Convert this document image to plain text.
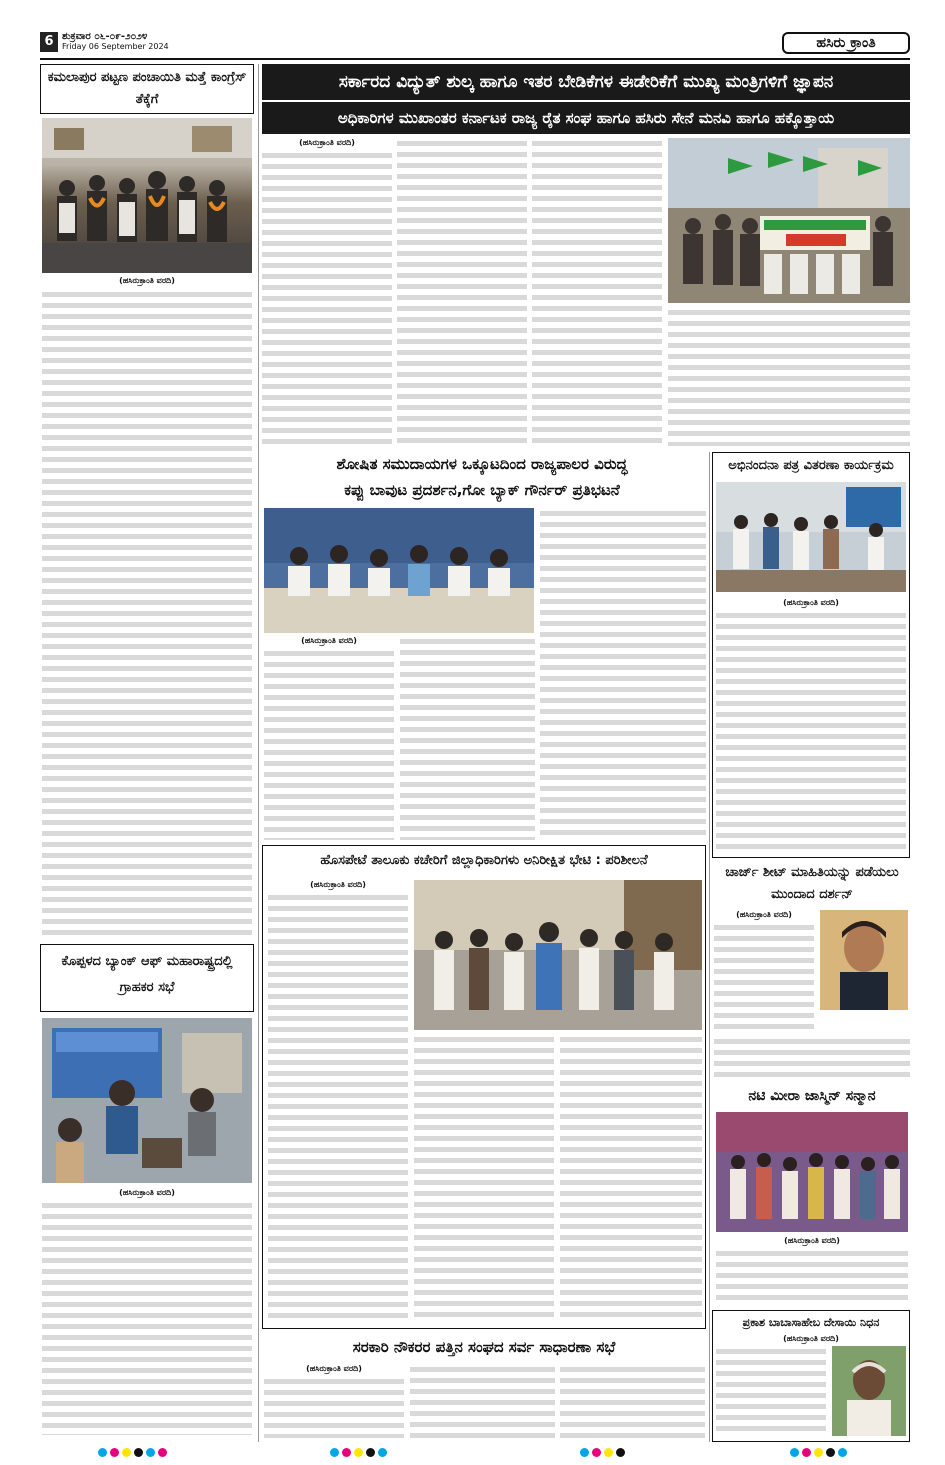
6 ಶುಕ್ರವಾರ ೦೬-೦೯-೨೦೨೪
Friday 06 September 2024	ಹಸಿರು ಕ್ರಾಂತಿ
ಕಮಲಾಪುರ ಪಟ್ಟಣ ಪಂಚಾಯಿತಿ ಮತ್ತೆ ಕಾಂಗ್ರೆಸ್ ತೆಕ್ಕೆಗೆ
(ಹಸಿರುಕ್ರಾಂತಿ ವರದಿ)
ಕೊಪ್ಪಳದ ಬ್ಯಾಂಕ್ ಆಫ್ ಮಹಾರಾಷ್ಟ್ರದಲ್ಲಿ ಗ್ರಾಹಕರ ಸಭೆ
(ಹಸಿರುಕ್ರಾಂತಿ ವರದಿ)
ಸರ್ಕಾರದ ವಿದ್ಯುತ್ ಶುಲ್ಕ ಹಾಗೂ ಇತರ ಬೇಡಿಕೆಗಳ ಈಡೇರಿಕೆಗೆ ಮುಖ್ಯ ಮಂತ್ರಿಗಳಿಗೆ ಜ್ಞಾಪನ
ಅಧಿಕಾರಿಗಳ ಮುಖಾಂತರ ಕರ್ನಾಟಕ ರಾಜ್ಯ ರೈತ ಸಂಘ ಹಾಗೂ ಹಸಿರು ಸೇನೆ ಮನವಿ ಹಾಗೂ ಹಕ್ಕೊತ್ತಾಯ
(ಹಸಿರುಕ್ರಾಂತಿ ವರದಿ)
ಶೋಷಿತ ಸಮುದಾಯಗಳ ಒಕ್ಕೂಟದಿಂದ ರಾಜ್ಯಪಾಲರ ವಿರುದ್ಧ
ಕಪ್ಪು ಬಾವುಟ ಪ್ರದರ್ಶನ,ಗೋ ಬ್ಯಾಕ್ ಗೌರ್ನರ್ ಪ್ರತಿಭಟನೆ
(ಹಸಿರುಕ್ರಾಂತಿ ವರದಿ)
ಹೊಸಪೇಟೆ ತಾಲೂಕು ಕಚೇರಿಗೆ ಜಿಲ್ಲಾಧಿಕಾರಿಗಳು ಅನಿರೀಕ್ಷಿತ ಭೇಟಿ : ಪರಿಶೀಲನೆ
(ಹಸಿರುಕ್ರಾಂತಿ ವರದಿ)
ಸರಕಾರಿ ನೌಕರರ ಪತ್ತಿನ ಸಂಘದ ಸರ್ವ ಸಾಧಾರಣಾ ಸಭೆ
(ಹಸಿರುಕ್ರಾಂತಿ ವರದಿ)
ಅಭಿನಂದನಾ ಪತ್ರ ವಿತರಣಾ ಕಾರ್ಯಕ್ರಮ
(ಹಸಿರುಕ್ರಾಂತಿ ವರದಿ)
ಚಾರ್ಜ್ ಶೀಟ್ ಮಾಹಿತಿಯನ್ನು ಪಡೆಯಲು ಮುಂದಾದ ದರ್ಶನ್
(ಹಸಿರುಕ್ರಾಂತಿ ವರದಿ)
ನಟಿ ಮೀರಾ ಜಾಸ್ಮಿನ್ ಸನ್ಮಾನ
(ಹಸಿರುಕ್ರಾಂತಿ ವರದಿ)
ಪ್ರಕಾಶ ಬಾಬಾಸಾಹೇಬ ದೇಸಾಯಿ ನಿಧನ
(ಹಸಿರುಕ್ರಾಂತಿ ವರದಿ)
